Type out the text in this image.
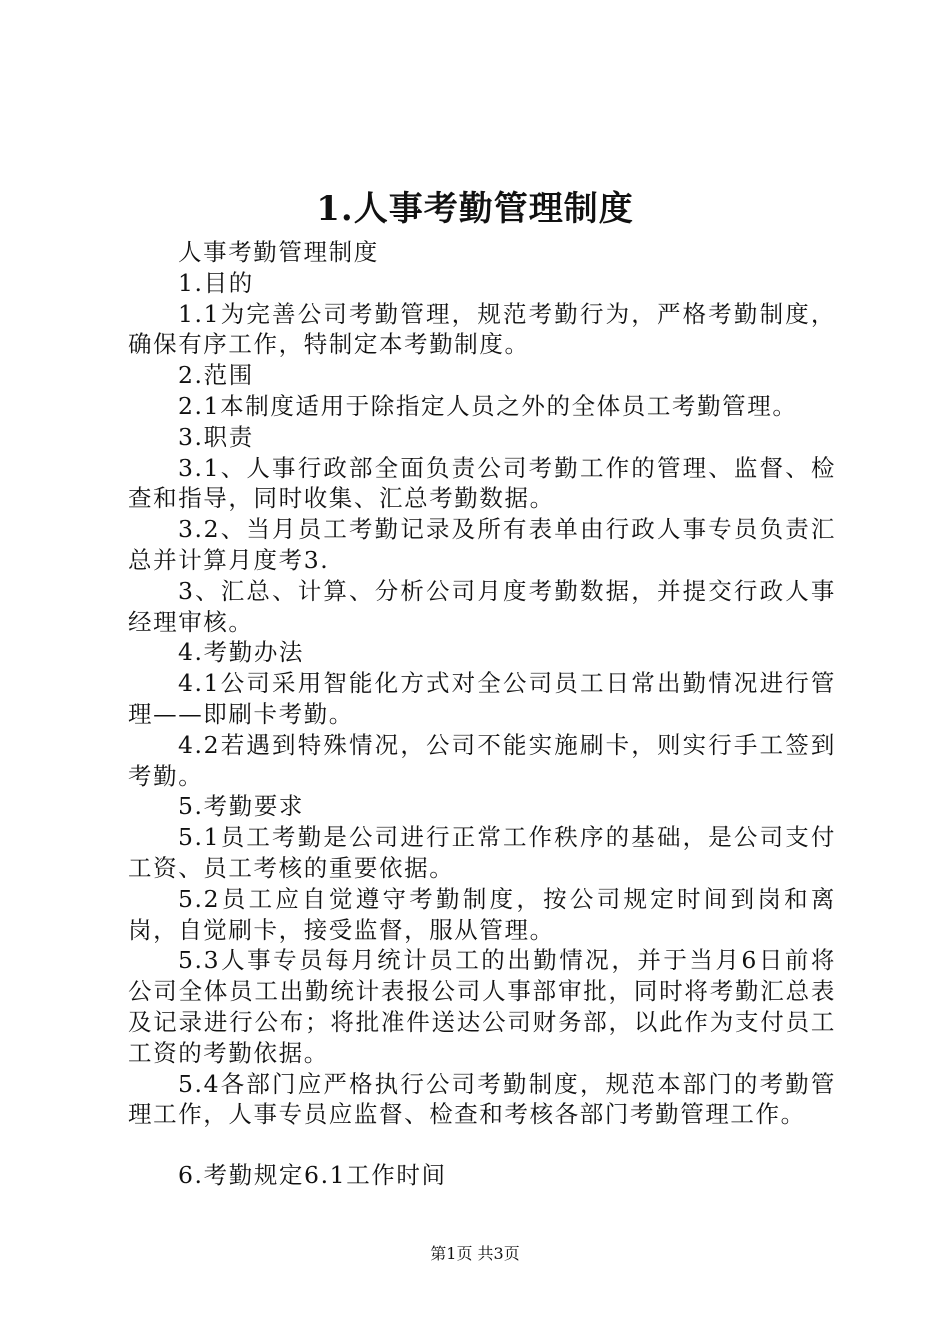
1.人事考勤管理制度

人事考勤管理制度

1.目的

1.1为完善公司考勤管理，规范考勤行为，严格考勤制度，确保有序工作，特制定本考勤制度。

2.范围

2.1本制度适用于除指定人员之外的全体员工考勤管理。

3.职责

3.1、人事行政部全面负责公司考勤工作的管理、监督、检查和指导，同时收集、汇总考勤数据。

3.2、当月员工考勤记录及所有表单由行政人事专员负责汇总并计算月度考3.

3、汇总、计算、分析公司月度考勤数据，并提交行政人事经理审核。

4.考勤办法

4.1公司采用智能化方式对全公司员工日常出勤情况进行管理——即刷卡考勤。

4.2若遇到特殊情况，公司不能实施刷卡，则实行手工签到考勤。

5.考勤要求

5.1员工考勤是公司进行正常工作秩序的基础，是公司支付工资、员工考核的重要依据。

5.2员工应自觉遵守考勤制度，按公司规定时间到岗和离岗，自觉刷卡，接受监督，服从管理。

5.3人事专员每月统计员工的出勤情况，并于当月6日前将公司全体员工出勤统计表报公司人事部审批，同时将考勤汇总表及记录进行公布；将批准件送达公司财务部，以此作为支付员工工资的考勤依据。

5.4各部门应严格执行公司考勤制度，规范本部门的考勤管理工作，人事专员应监督、检查和考核各部门考勤管理工作。

6.考勤规定6.1工作时间

第1页 共3页
